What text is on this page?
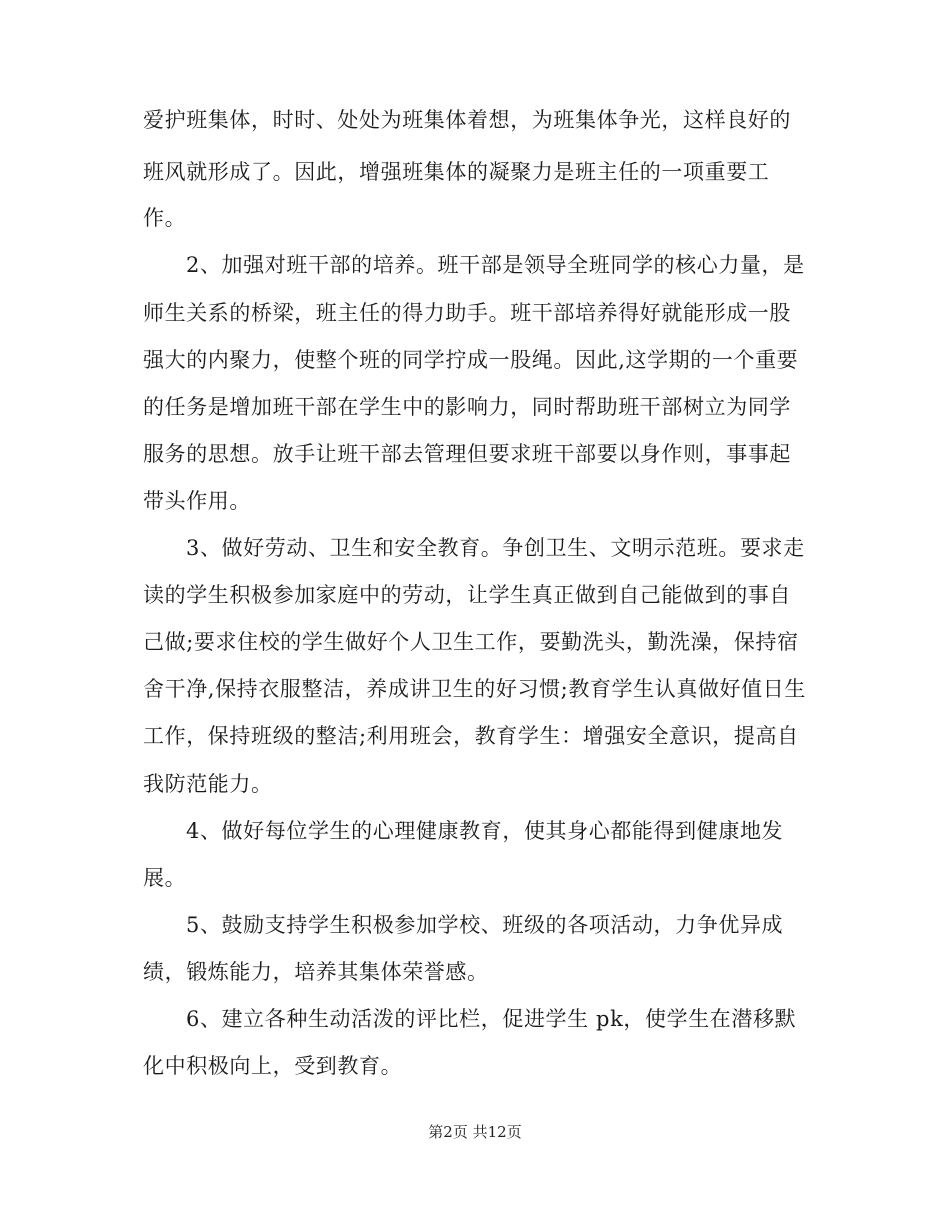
爱护班集体，时时、处处为班集体着想，为班集体争光，这样良好的
班风就形成了。因此，增强班集体的凝聚力是班主任的一项重要工
作。
2、加强对班干部的培养。班干部是领导全班同学的核心力量，是
师生关系的桥梁，班主任的得力助手。班干部培养得好就能形成一股
强大的内聚力，使整个班的同学拧成一股绳。因此,这学期的一个重要
的任务是增加班干部在学生中的影响力，同时帮助班干部树立为同学
服务的思想。放手让班干部去管理但要求班干部要以身作则，事事起
带头作用。
3、做好劳动、卫生和安全教育。争创卫生、文明示范班。要求走
读的学生积极参加家庭中的劳动，让学生真正做到自己能做到的事自
己做;要求住校的学生做好个人卫生工作，要勤洗头，勤洗澡，保持宿
舍干净,保持衣服整洁，养成讲卫生的好习惯;教育学生认真做好值日生
工作，保持班级的整洁;利用班会，教育学生：增强安全意识，提高自
我防范能力。
4、做好每位学生的心理健康教育，使其身心都能得到健康地发
展。
5、鼓励支持学生积极参加学校、班级的各项活动，力争优异成
绩，锻炼能力，培养其集体荣誉感。
6、建立各种生动活泼的评比栏，促进学生 pk，使学生在潜移默
化中积极向上，受到教育。
第2页 共12页
